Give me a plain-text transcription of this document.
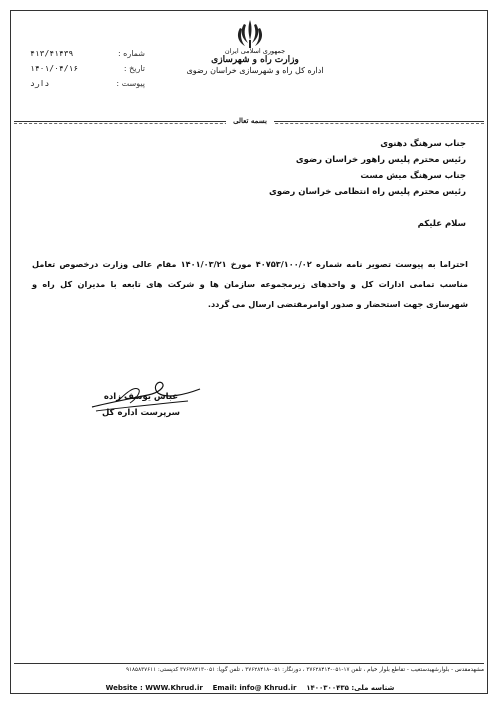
جمهوری اسلامی ایران
وزارت راه و شهرسازی
اداره کل راه و شهرسازی خراسان رضوی
شماره :
۴۱۳/۴۱۴۳۹
تاریخ :
۱۴۰۱/۰۴/۱۶
پیوست :
دارد
بسمه تعالی
جناب سرهنگ دهنوی
رئیس محترم پلیس راهور خراسان رضوی
جناب سرهنگ میش مست
رئیس محترم پلیس راه انتظامی خراسان رضوی
سلام علیکم
احتراما به پیوست تصویر نامه شماره ۴۰۷۵۳/۱۰۰/۰۲ مورخ ۱۴۰۱/۰۳/۲۱ مقام عالی وزارت درخصوص تعامل مناسب تمامی ادارات کل و واحدهای زیرمجموعه سازمان ها و شرکت های تابعه با مدیران کل راه و شهرسازی جهت استحضار و صدور اوامرمقتضی ارسال می گردد.
عباس یوسف زاده
سرپرست اداره کل
مشهدمقدس - بلوارشهیدستغیب - تقاطع بلوار خیام ، تلفن ۱۷-۰۵۱-۳۷۶۲۸۴۱۴ ، دورنگار: ۰۵۱-۳۷۶۲۸۴۱۸ ، تلفن گویا: ۰۵۱-۳۷۶۲۸۴۱۳ کدپستی: ۹۱۸۵۸۳۷۶۱۱
شناسه ملی: ۱۴۰۰۳۰۰۴۳۵    Email: info@ Khrud.ir    Website : WWW.Khrud.ir
